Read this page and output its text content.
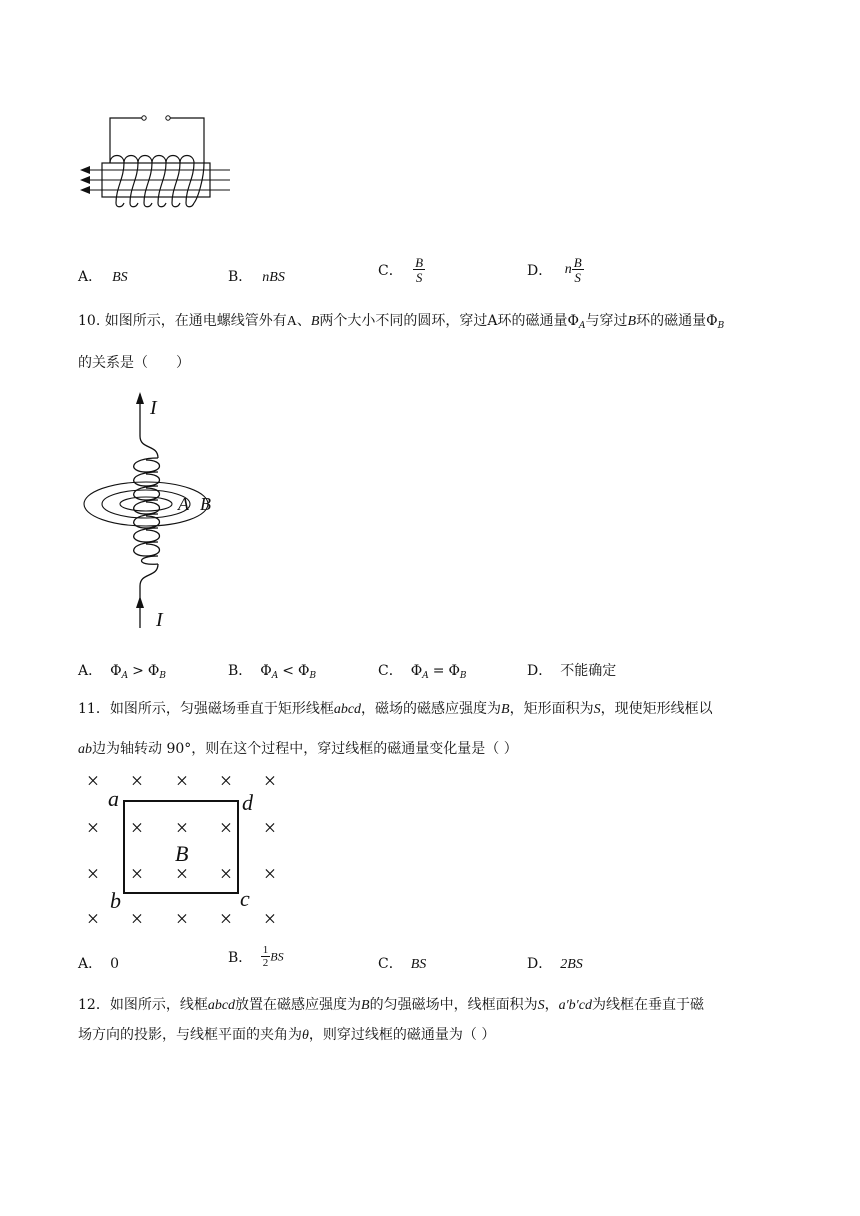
A． BS	B． nBS	C． $\frac{B}{S}$	D． n $\frac{B}{S}$
10. 如图所示，在通电螺线管外有A、B两个大小不同的圆环，穿过A环的磁通量$\Phi_A$与穿过B环的磁通量$\Phi_B$
的关系是（　　）
I
I
A B
A． $\Phi_A > \Phi_B$	B． $\Phi_A < \Phi_B$	C． $\Phi_A = \Phi_B$	D． 不能确定
11．如图所示，匀强磁场垂直于矩形线框abcd，磁场的磁感应强度为B，矩形面积为S，现使矩形线框以
ab边为轴转动 90°，则在这个过程中，穿过线框的磁通量变化量是（ ）
× × × × ×
× × × × ×
× × × × ×
× × × × ×
a	d
b	c
B
A． 0	B． $\frac{1}{2}$ BS	C． BS	D． 2BS
12．如图所示，线框abcd放置在磁感应强度为B的匀强磁场中，线框面积为S，a′b′cd为线框在垂直于磁
场方向的投影，与线框平面的夹角为θ，则穿过线框的磁通量为（ ）
